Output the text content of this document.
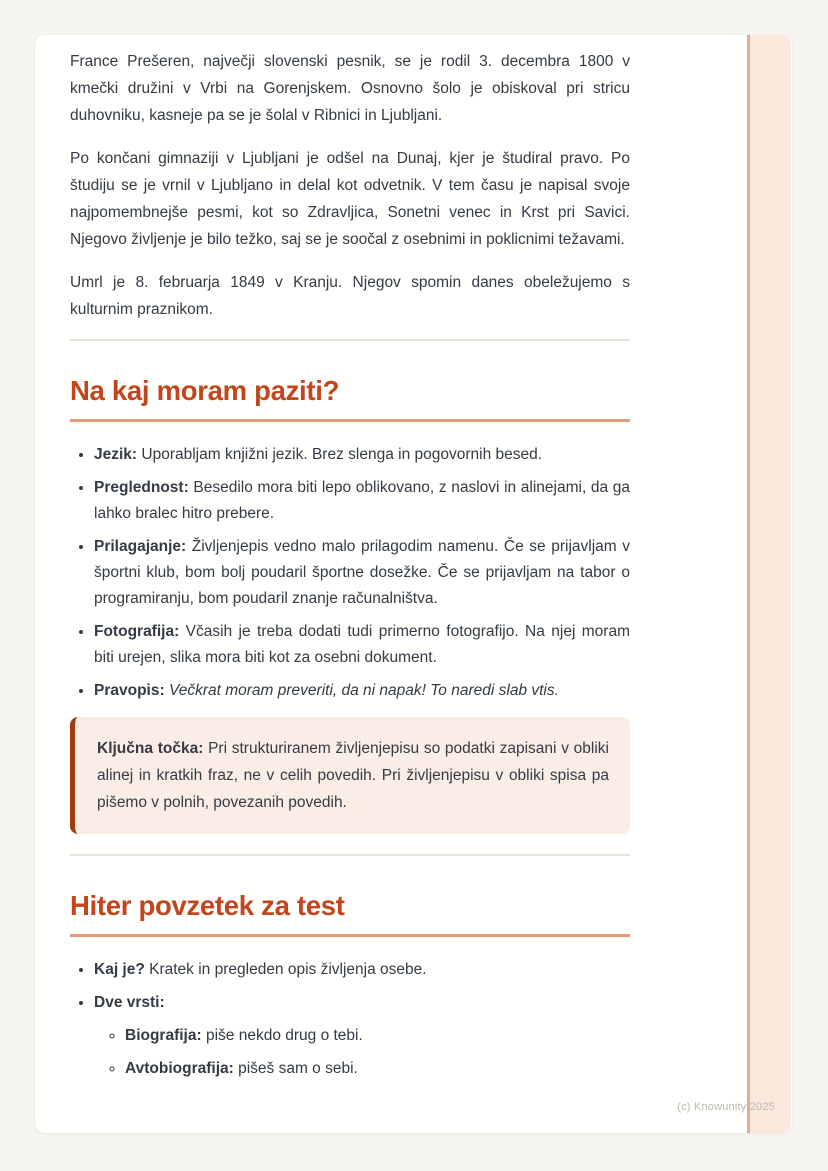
France Prešeren, največji slovenski pesnik, se je rodil 3. decembra 1800 v kmečki družini v Vrbi na Gorenjskem. Osnovno šolo je obiskoval pri stricu duhovniku, kasneje pa se je šolal v Ribnici in Ljubljani.

Po končani gimnaziji v Ljubljani je odšel na Dunaj, kjer je študiral pravo. Po študiju se je vrnil v Ljubljano in delal kot odvetnik. V tem času je napisal svoje najpomembnejše pesmi, kot so Zdravljica, Sonetni venec in Krst pri Savici. Njegovo življenje je bilo težko, saj se je soočal z osebnimi in poklicnimi težavami.

Umrl je 8. februarja 1849 v Kranju. Njegov spomin danes obeležujemo s kulturnim praznikom.

Na kaj moram paziti?
• Jezik: Uporabljam knjižni jezik. Brez slenga in pogovornih besed.
• Preglednost: Besedilo mora biti lepo oblikovano, z naslovi in alinejami, da ga lahko bralec hitro prebere.
• Prilagajanje: Življenjepis vedno malo prilagodim namenu. Če se prijavljam v športni klub, bom bolj poudaril športne dosežke. Če se prijavljam na tabor o programiranju, bom poudaril znanje računalništva.
• Fotografija: Včasih je treba dodati tudi primerno fotografijo. Na njej moram biti urejen, slika mora biti kot za osebni dokument.
• Pravopis: Večkrat moram preveriti, da ni napak! To naredi slab vtis.
Ključna točka: Pri strukturiranem življenjepisu so podatki zapisani v obliki alinej in kratkih fraz, ne v celih povedih. Pri življenjepisu v obliki spisa pa pišemo v polnih, povezanih povedih.
Hiter povzetek za test
• Kaj je? Kratek in pregleden opis življenja osebe.
• Dve vrsti:
◦ Biografija: piše nekdo drug o tebi.
◦ Avtobiografija: pišeš sam o sebi.
(c) Knowunity 2025
